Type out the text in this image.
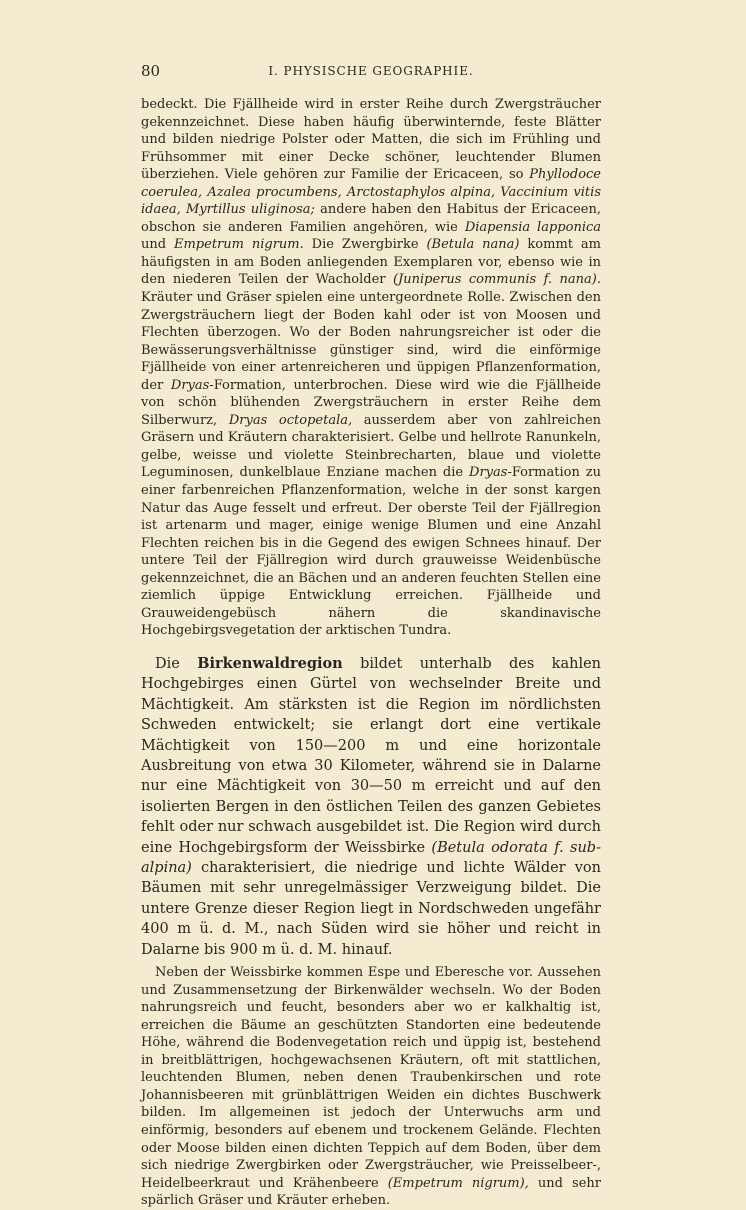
80	I. PHYSISCHE GEOGRAPHIE.

bedeckt. Die Fjällheide wird in erster Reihe durch Zwergsträucher gekennzeichnet. Diese haben häufig überwinternde, feste Blätter und bilden niedrige Polster oder Matten, die sich im Frühling und Frühsommer mit einer Decke schöner, leuchtender Blumen überziehen. Viele gehören zur Familie der Ericaceen, so Phyllodoce coerulea, Azalea procumbens, Arctostaphylos alpina, Vaccinium vitis idaea, Myrtillus uliginosa; andere haben den Habitus der Ericaceen, obschon sie anderen Familien angehören, wie Diapensia lapponica und Empetrum nigrum. Die Zwergbirke (Betula nana) kommt am häufigsten in am Boden anliegenden Exemplaren vor, ebenso wie in den niederen Teilen der Wacholder (Juniperus communis f. nana). Kräuter und Gräser spielen eine untergeordnete Rolle. Zwischen den Zwergsträuchern liegt der Boden kahl oder ist von Moosen und Flechten überzogen. Wo der Boden nahrungsreicher ist oder die Bewässerungsverhältnisse günstiger sind, wird die einförmige Fjällheide von einer artenreicheren und üppigen Pflanzenformation, der Dryas-Formation, unterbrochen. Diese wird wie die Fjällheide von schön blühenden Zwergsträuchern in erster Reihe dem Silberwurz, Dryas octopetala, ausserdem aber von zahlreichen Gräsern und Kräutern charakterisiert. Gelbe und hellrote Ranunkeln, gelbe, weisse und violette Steinbrecharten, blaue und violette Leguminosen, dunkelblaue Enziane machen die Dryas-Formation zu einer farbenreichen Pflanzenformation, welche in der sonst kargen Natur das Auge fesselt und erfreut. Der oberste Teil der Fjällregion ist artenarm und mager, einige wenige Blumen und eine Anzahl Flechten reichen bis in die Gegend des ewigen Schnees hinauf. Der untere Teil der Fjällregion wird durch grauweisse Weidenbüsche gekennzeichnet, die an Bächen und an anderen feuchten Stellen eine ziemlich üppige Entwicklung erreichen. Fjällheide und Grauweidengebüsch nähern die skandinavische Hochgebirgsvegetation der arktischen Tundra.

Die Birkenwaldregion bildet unterhalb des kahlen Hochgebirges einen Gürtel von wechselnder Breite und Mächtigkeit. Am stärksten ist die Region im nördlichsten Schweden entwickelt; sie erlangt dort eine vertikale Mächtigkeit von 150—200 m und eine horizontale Ausbreitung von etwa 30 Kilometer, während sie in Dalarne nur eine Mächtigkeit von 30—50 m erreicht und auf den isolierten Bergen in den östlichen Teilen des ganzen Gebietes fehlt oder nur schwach ausgebildet ist. Die Region wird durch eine Hochgebirgsform der Weissbirke (Betula odorata f. subalpina) charakterisiert, die niedrige und lichte Wälder von Bäumen mit sehr unregelmässiger Verzweigung bildet. Die untere Grenze dieser Region liegt in Nordschweden ungefähr 400 m ü. d. M., nach Süden wird sie höher und reicht in Dalarne bis 900 m ü. d. M. hinauf.

Neben der Weissbirke kommen Espe und Eberesche vor. Aussehen und Zusammensetzung der Birkenwälder wechseln. Wo der Boden nahrungsreich und feucht, besonders aber wo er kalkhaltig ist, erreichen die Bäume an geschützten Standorten eine bedeutende Höhe, während die Bodenvegetation reich und üppig ist, bestehend in breitblättrigen, hochgewachsenen Kräutern, oft mit stattlichen, leuchtenden Blumen, neben denen Traubenkirschen und rote Johannisbeeren mit grünblättrigen Weiden ein dichtes Buschwerk bilden. Im allgemeinen ist jedoch der Unterwuchs arm und einförmig, besonders auf ebenem und trockenem Gelände. Flechten oder Moose bilden einen dichten Teppich auf dem Boden, über dem sich niedrige Zwergbirken oder Zwergsträucher, wie Preisselbeer-, Heidelbeerkraut und Krähenbeere (Empetrum nigrum), und sehr spärlich Gräser und Kräuter erheben.
